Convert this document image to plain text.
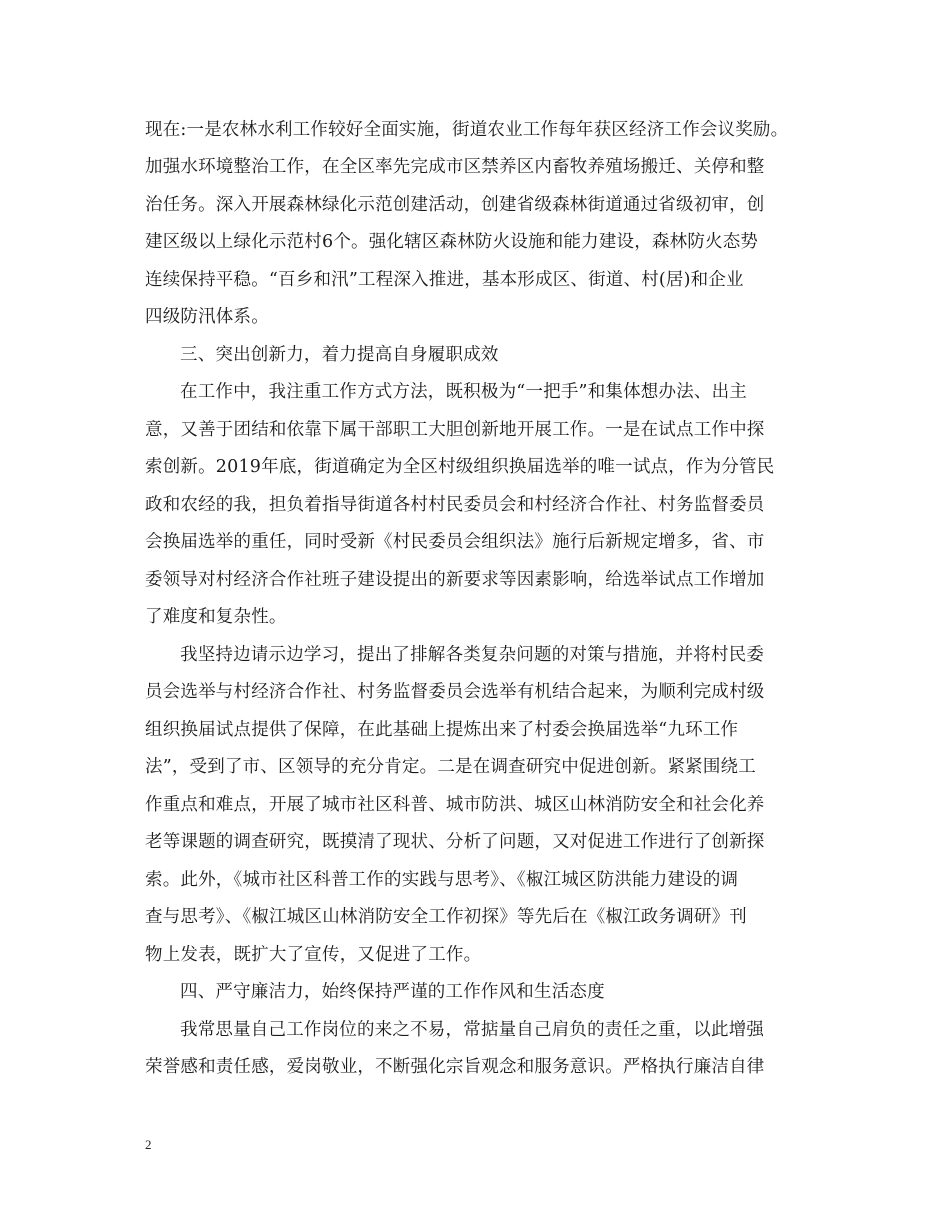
现在:一是农林水利工作较好全面实施，街道农业工作每年获区经济工作会议奖励。
加强水环境整治工作，在全区率先完成市区禁养区内畜牧养殖场搬迁、关停和整
治任务。深入开展森林绿化示范创建活动，创建省级森林街道通过省级初审，创
建区级以上绿化示范村6个。强化辖区森林防火设施和能力建设，森林防火态势
连续保持平稳。“百乡和汛”工程深入推进，基本形成区、街道、村(居)和企业
四级防汛体系。
三、突出创新力，着力提高自身履职成效
在工作中，我注重工作方式方法，既积极为“一把手”和集体想办法、出主
意，又善于团结和依靠下属干部职工大胆创新地开展工作。一是在试点工作中探
索创新。2019年底，街道确定为全区村级组织换届选举的唯一试点，作为分管民
政和农经的我，担负着指导街道各村村民委员会和村经济合作社、村务监督委员
会换届选举的重任，同时受新《村民委员会组织法》施行后新规定增多，省、市
委领导对村经济合作社班子建设提出的新要求等因素影响，给选举试点工作增加
了难度和复杂性。
我坚持边请示边学习，提出了排解各类复杂问题的对策与措施，并将村民委
员会选举与村经济合作社、村务监督委员会选举有机结合起来，为顺利完成村级
组织换届试点提供了保障，在此基础上提炼出来了村委会换届选举“九环工作
法”，受到了市、区领导的充分肯定。二是在调查研究中促进创新。紧紧围绕工
作重点和难点，开展了城市社区科普、城市防洪、城区山林消防安全和社会化养
老等课题的调查研究，既摸清了现状、分析了问题，又对促进工作进行了创新探
索。此外，《城市社区科普工作的实践与思考》、《椒江城区防洪能力建设的调
查与思考》、《椒江城区山林消防安全工作初探》等先后在《椒江政务调研》刊
物上发表，既扩大了宣传，又促进了工作。
四、严守廉洁力，始终保持严谨的工作作风和生活态度
我常思量自己工作岗位的来之不易，常掂量自己肩负的责任之重，以此增强
荣誉感和责任感，爱岗敬业，不断强化宗旨观念和服务意识。严格执行廉洁自律
2
